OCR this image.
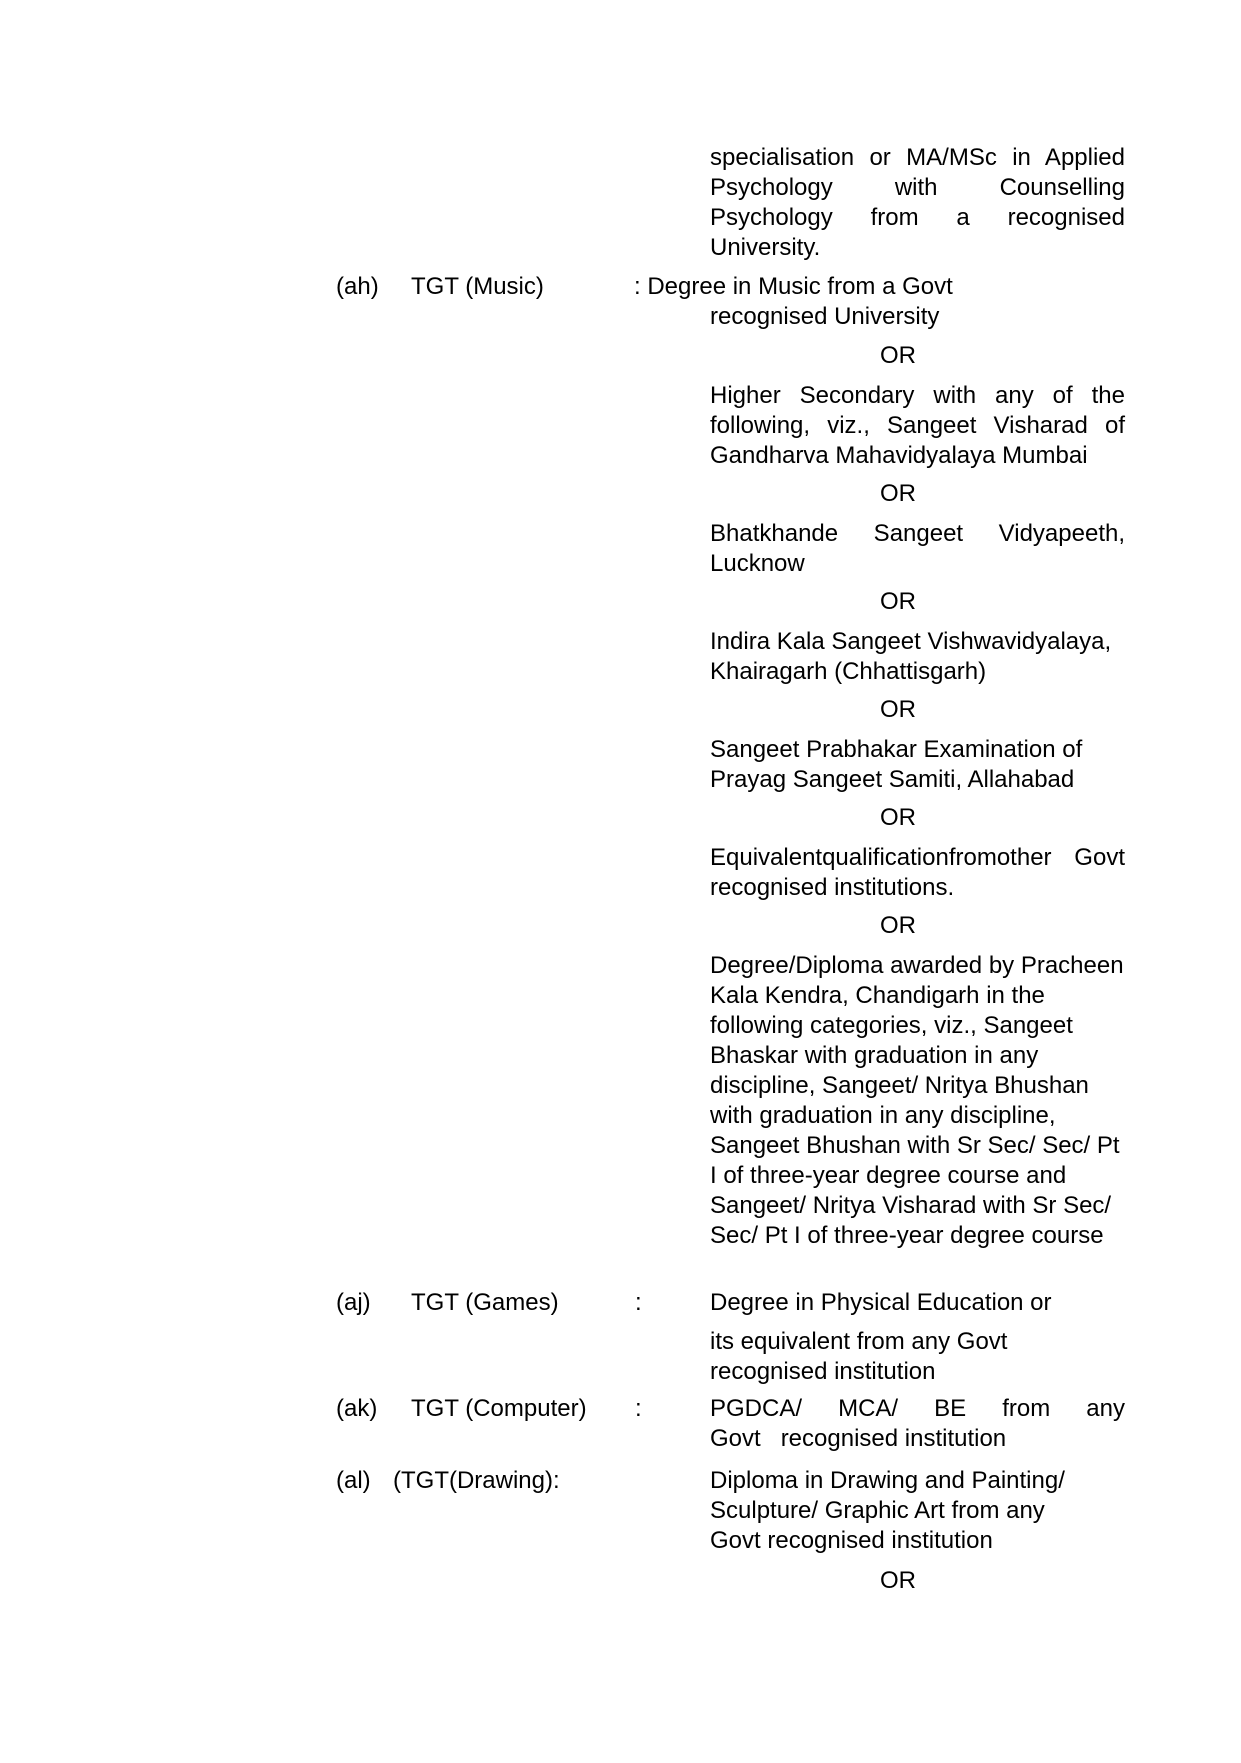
specialisation or MA/MSc in Applied Psychology with Counselling Psychology from a recognised University.
(ah) TGT (Music)	: Degree in Music from a Govt
recognised University
OR
Higher Secondary with any of the following, viz., Sangeet Visharad of Gandharva Mahavidyalaya Mumbai
OR
Bhatkhande Sangeet Vidyapeeth, Lucknow
OR
Indira Kala Sangeet Vishwavidyalaya, Khairagarh (Chhattisgarh)
OR
Sangeet Prabhakar Examination of Prayag Sangeet Samiti, Allahabad
OR
Equivalentqualificationfromother Govt
recognised institutions.
OR
Degree/Diploma awarded by Pracheen Kala Kendra, Chandigarh in the following categories, viz., Sangeet Bhaskar with graduation in any discipline, Sangeet/ Nritya Bhushan with graduation in any discipline, Sangeet Bhushan with Sr Sec/ Sec/ Pt I of three-year degree course and Sangeet/ Nritya Visharad with Sr Sec/ Sec/ Pt I of three-year degree course
(aj) TGT (Games)	:	Degree in Physical Education or
its equivalent from any Govt recognised institution
(ak) TGT (Computer) :	PGDCA/ MCA/ BE from any
Govt   recognised institution
(al) (TGT(Drawing):	Diploma in Drawing and Painting/ Sculpture/ Graphic Art from any Govt recognised institution
OR
